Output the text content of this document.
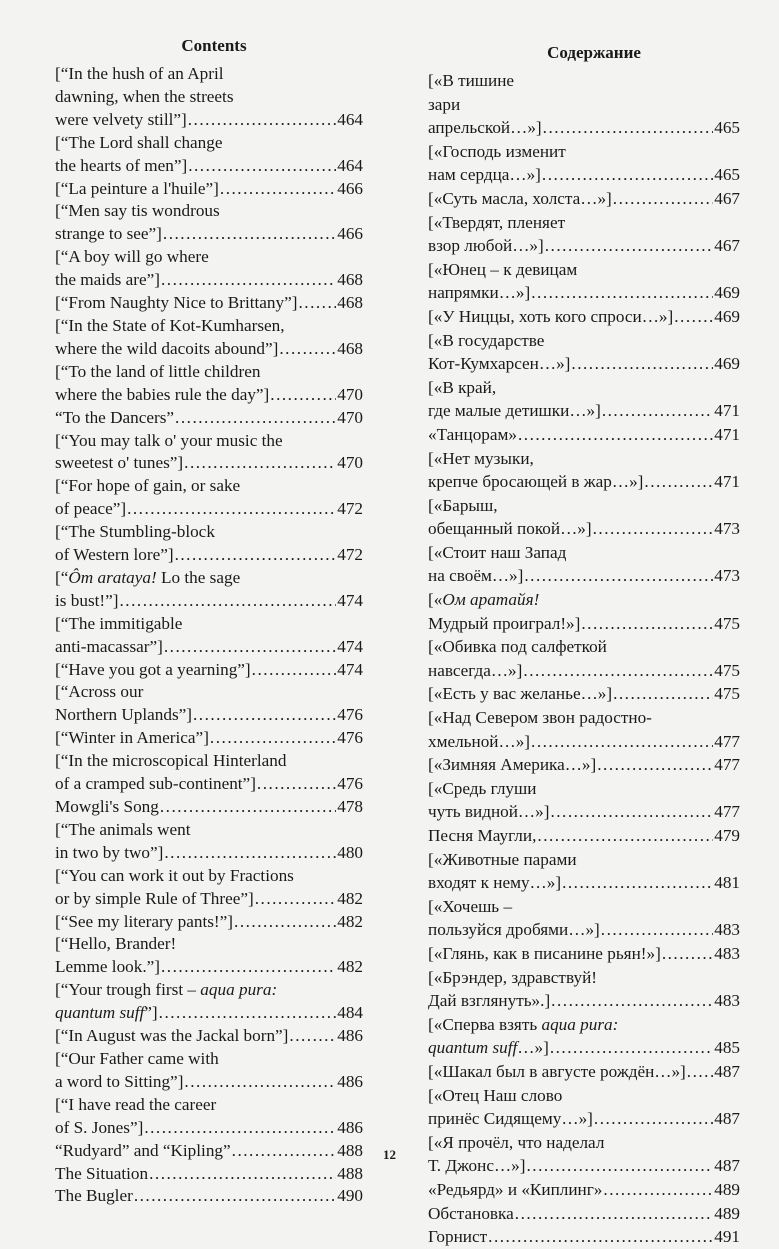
Contents
[“In the hush of an April
dawning, when the streets
were velvety still”] .....	464
[“The Lord shall change
the hearts of men”] .....	464
[“La peinture a l'huile”] .....	466
[“Men say tis wondrous
strange to see”] .....	466
[“A boy will go where
the maids are”] .....	468
[“From Naughty Nice to Brittany”] ..... 468
[“In the State of Kot-Kumharsen,
where the wild dacoits abound”] .....	468
[“To the land of little children
where the babies rule the day”] .....	470
“To the Dancers” .....	470
[“You may talk o' your music the
sweetest o' tunes”] .....	470
[“For hope of gain, or sake
of peace”] .....	472
[“The Stumbling-block
of Western lore”] .....	472
[“Ôm arataya! Lo the sage
is bust!”] .....	474
[“The immitigable
anti-macassar”] .....	474
[“Have you got a yearning”] .....	474
[“Across our
Northern Uplands”] .....	476
[“Winter in America”] .....	476
[“In the microscopical Hinterland
of a cramped sub-continent”] .....	476
Mowgli's Song .....	478
[“The animals went
in two by two”] .....	480
[“You can work it out by Fractions
or by simple Rule of Three”] .....	482
[“See my literary pants!”] .....	482
[“Hello, Brander!
Lemme look.”] .....	482
[“Your trough first – aqua pura:
quantum suff”] .....	484
[“In August was the Jackal born”] .....	486
[“Our Father came with
a word to Sitting”] .....	486
[“I have read the career
of S. Jones”] .....	486
“Rudyard” and “Kipling” .....	488
The Situation .....	488
The Bugler .....	490
Содержание
[«В тишине
зари
апрельской…»] .....	465
[«Господь изменит
нам сердца…»] .....	465
[«Суть масла, холста…»] .....	467
[«Твердят, пленяет
взор любой…»] .....	467
[«Юнец – к девицам
напрямки…»] .....	469
[«У Ниццы, хоть кого спроси…»] ..... 469
[«В государстве
Кот-Кумхарсен…»] .....	469
[«В край,
где малые детишки…»] .....	471
«Танцорам» .....	471
[«Нет музыки,
крепче бросающей в жар…»] .....	471
[«Барыш,
обещанный покой…»] .....	473
[«Стоит наш Запад
на своём…»] .....	473
[«Ом аратайя!
Мудрый проиграл!»] .....	475
[«Обивка под салфеткой
навсегда…»] .....	475
[«Есть у вас желанье…»] .....	475
[«Над Севером звон радостно-
хмельной…»] .....	477
[«Зимняя Америка…»] .....	477
[«Средь глуши
чуть видной…»] .....	477
Песня Маугли, .....	479
[«Животные парами
входят к нему…»] .....	481
[«Хочешь –
пользуйся дробями…»] .....	483
[«Глянь, как в писанине рьян!»] .....	483
[«Брэндер, здравствуй!
Дай взглянуть».] .....	483
[«Сперва взять aqua pura:
quantum suff…»] .....	485
[«Шакал был в августе рождён…»] ..... 487
[«Отец Наш слово
принёс Сидящему…»] .....	487
[«Я прочёл, что наделал
Т. Джонс…»] .....	487
«Редьярд» и «Киплинг» .....	489
Обстановка .....	489
Горнист .....	491
12
